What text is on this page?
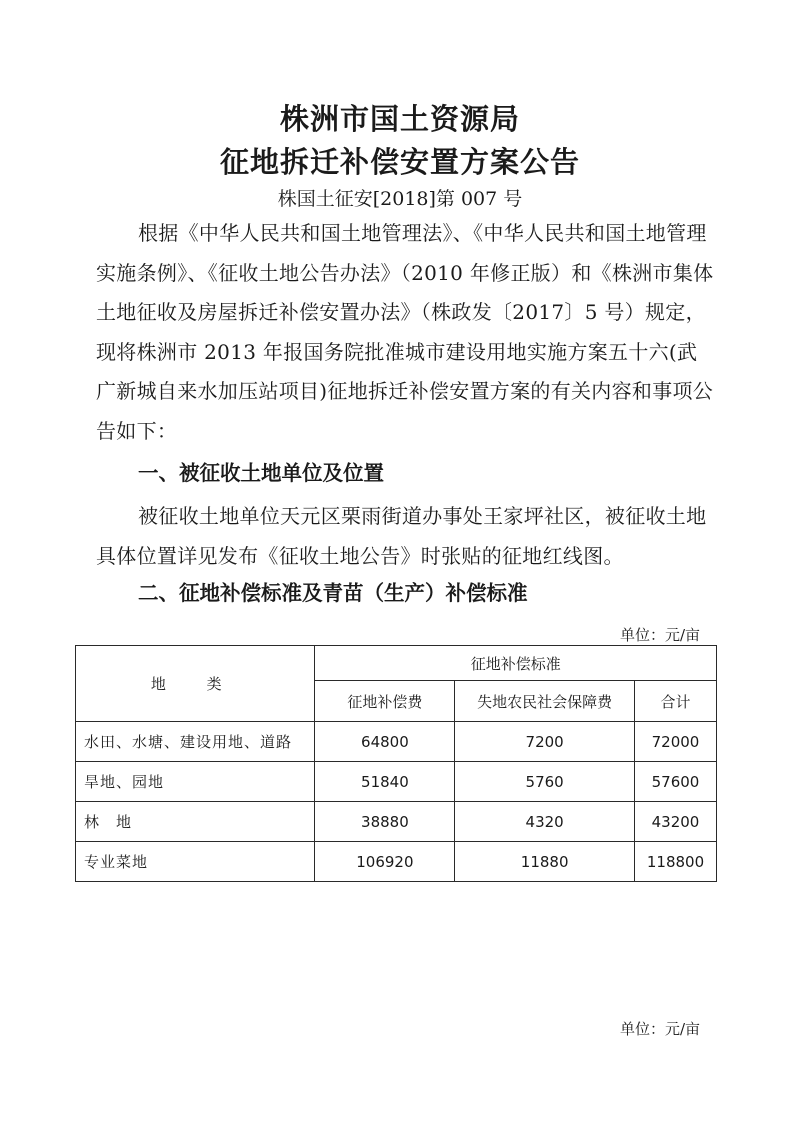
株洲市国土资源局
征地拆迁补偿安置方案公告
株国土征安[2018]第 007 号
根据《中华人民共和国土地管理法》、《中华人民共和国土地管理实施条例》、《征收土地公告办法》（2010 年修正版）和《株洲市集体土地征收及房屋拆迁补偿安置办法》（株政发〔2017〕5 号）规定，现将株洲市 2013 年报国务院批准城市建设用地实施方案五十六(武广新城自来水加压站项目)征地拆迁补偿安置方案的有关内容和事项公告如下：
一、被征收土地单位及位置
被征收土地单位天元区栗雨街道办事处王家坪社区，被征收土地具体位置详见发布《征收土地公告》时张贴的征地红线图。
二、征地补偿标准及青苗（生产）补偿标准
单位：元/亩
地 类	征地补偿标准		
	征地补偿费	失地农民社会保障费	合计
水田、水塘、建设用地、道路	64800	7200	72000
旱地、园地	51840	5760	57600
林　地	38880	4320	43200
专业菜地	106920	11880	118800
单位：元/亩
